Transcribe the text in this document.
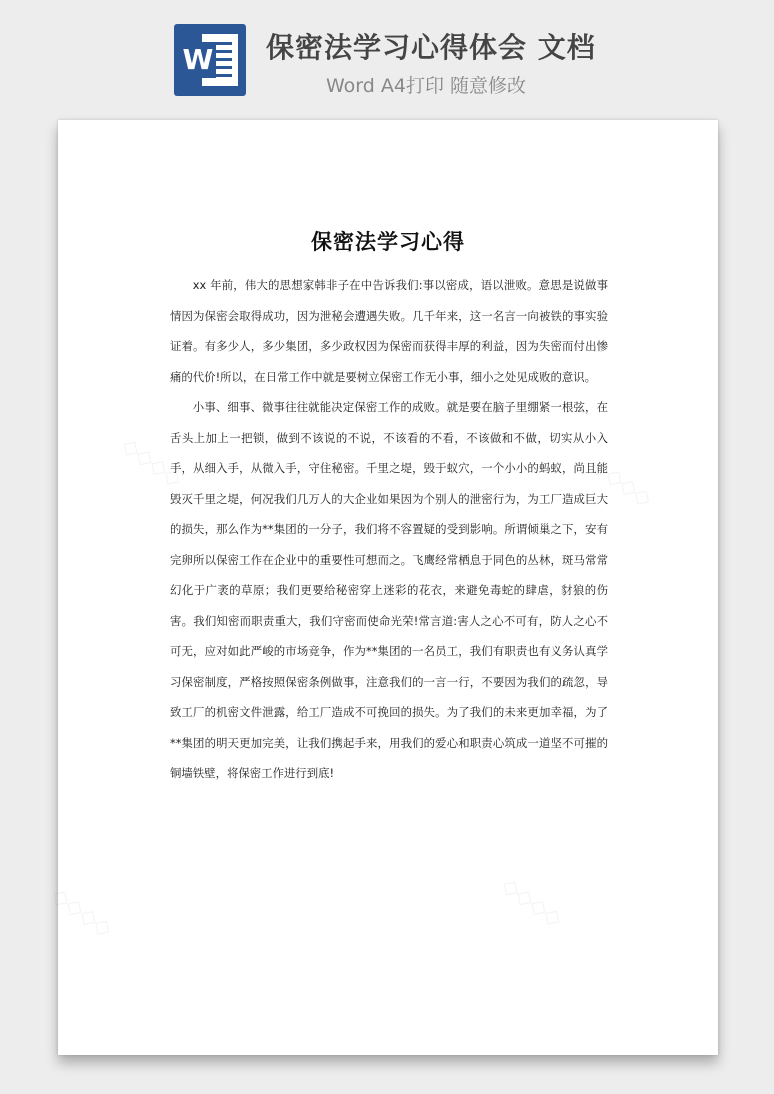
W 保密法学习心得体会 文档
Word A4打印 随意修改
保密法学习心得

xx 年前，伟大的思想家韩非子在中告诉我们:事以密成，语以泄败。意思是说做事情因为保密会取得成功，因为泄秘会遭遇失败。几千年来，这一名言一向被铁的事实验证着。有多少人，多少集团，多少政权因为保密而获得丰厚的利益，因为失密而付出惨痛的代价!所以，在日常工作中就是要树立保密工作无小事，细小之处见成败的意识。

小事、细事、微事往往就能决定保密工作的成败。就是要在脑子里绷紧一根弦，在舌头上加上一把锁，做到不该说的不说，不该看的不看，不该做和不做，切实从小入手，从细入手，从微入手，守住秘密。千里之堤，毁于蚁穴，一个小小的蚂蚁，尚且能毁灭千里之堤，何况我们几万人的大企业如果因为个别人的泄密行为，为工厂造成巨大的损失，那么作为**集团的一分子，我们将不容置疑的受到影响。所谓倾巢之下，安有完卵所以保密工作在企业中的重要性可想而之。飞鹰经常栖息于同色的丛林，斑马常常幻化于广袤的草原；我们更要给秘密穿上迷彩的花衣，来避免毒蛇的肆虐，豺狼的伤害。我们知密而职责重大，我们守密而使命光荣!常言道:害人之心不可有，防人之心不可无，应对如此严峻的市场竞争，作为**集团的一名员工，我们有职责也有义务认真学习保密制度，严格按照保密条例做事，注意我们的一言一行，不要因为我们的疏忽，导致工厂的机密文件泄露，给工厂造成不可挽回的损失。为了我们的未来更加幸福，为了**集团的明天更加完美，让我们携起手来，用我们的爱心和职责心筑成一道坚不可摧的铜墙铁壁，将保密工作进行到底!
